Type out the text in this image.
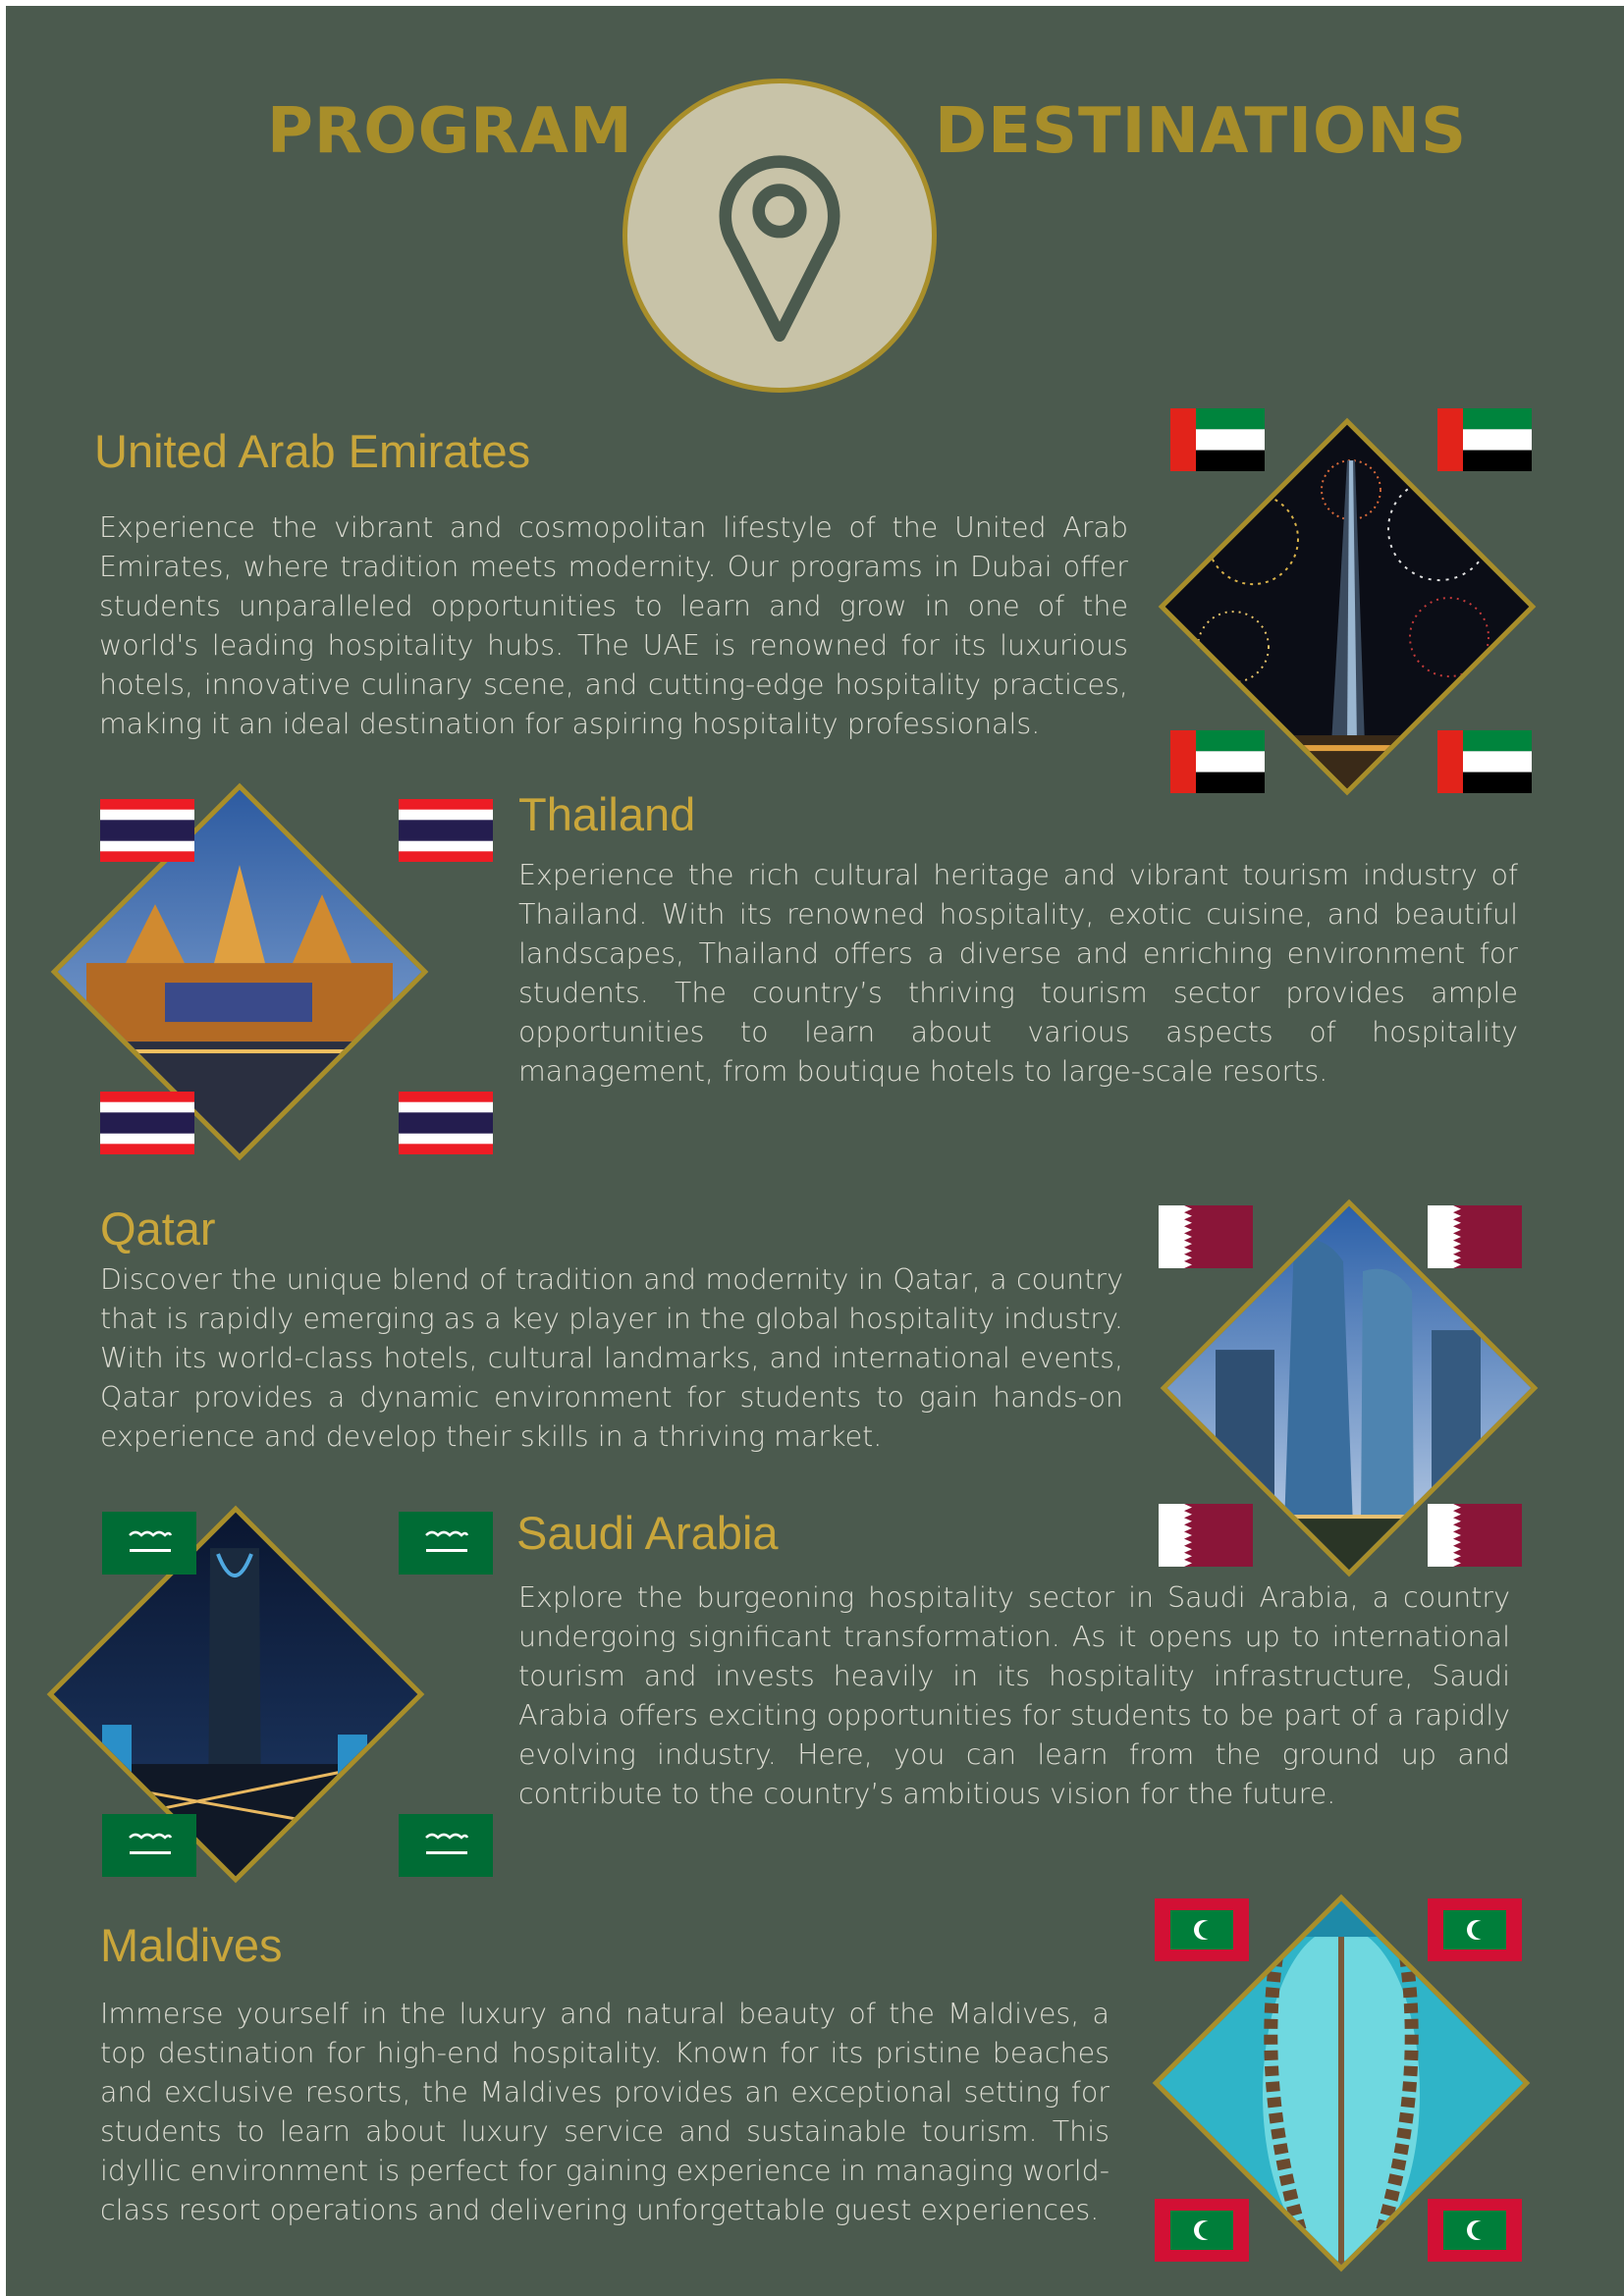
PROGRAM	DESTINATIONS
United Arab Emirates

Experience the vibrant and cosmopolitan lifestyle of the United Arab Emirates, where tradition meets modernity. Our programs in Dubai offer students unparalleled opportunities to learn and grow in one of the world's leading hospitality hubs. The UAE is renowned for its luxurious hotels, innovative culinary scene, and cutting-edge hospitality practices, making it an ideal destination for aspiring hospitality professionals.

Thailand

Experience the rich cultural heritage and vibrant tourism industry of Thailand. With its renowned hospitality, exotic cuisine, and beautiful landscapes, Thailand offers a diverse and enriching environment for students. The country’s thriving tourism sector provides ample opportunities to learn about various aspects of hospitality management, from boutique hotels to large-scale resorts.

Qatar

Discover the unique blend of tradition and modernity in Qatar, a country that is rapidly emerging as a key player in the global hospitality industry. With its world-class hotels, cultural landmarks, and international events, Qatar provides a dynamic environment for students to gain hands-on experience and develop their skills in a thriving market.

Saudi Arabia

Explore the burgeoning hospitality sector in Saudi Arabia, a country undergoing significant transformation. As it opens up to international tourism and invests heavily in its hospitality infrastructure, Saudi Arabia offers exciting opportunities for students to be part of a rapidly evolving industry. Here, you can learn from the ground up and contribute to the country’s ambitious vision for the future.

Maldives

Immerse yourself in the luxury and natural beauty of the Maldives, a top destination for high-end hospitality. Known for its pristine beaches and exclusive resorts, the Maldives provides an exceptional setting for students to learn about luxury service and sustainable tourism. This idyllic environment is perfect for gaining experience in managing world-class resort operations and delivering unforgettable guest experiences.
